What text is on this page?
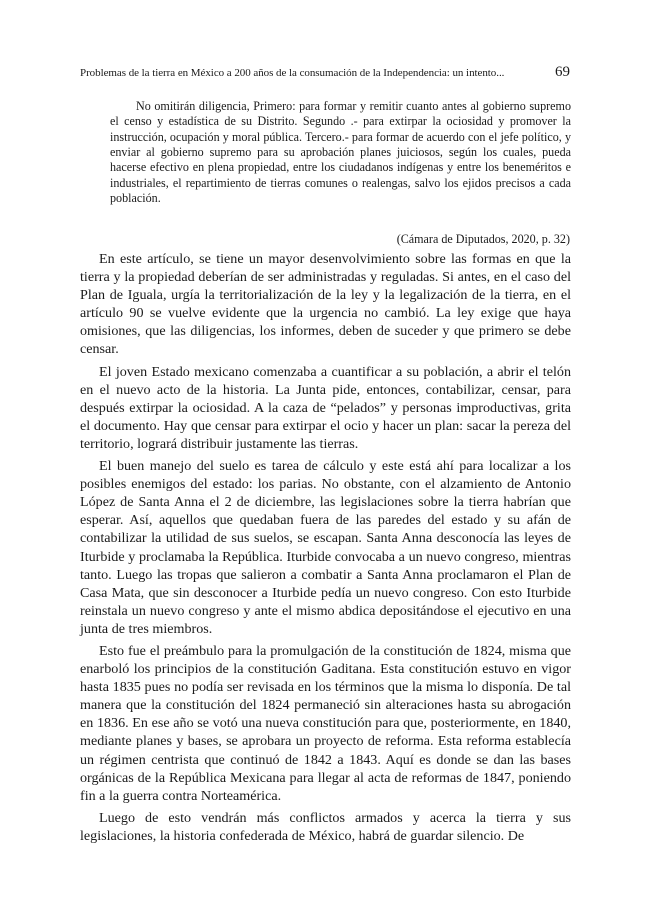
Problemas de la tierra en México a 200 años de la consumación de la Independencia: un intento...	69

No omitirán diligencia, Primero: para formar y remitir cuanto antes al gobierno supremo el censo y estadística de su Distrito. Segundo .- para extirpar la ociosidad y promover la instrucción, ocupación y moral pública. Tercero.- para formar de acuerdo con el jefe político, y enviar al gobierno supremo para su aprobación planes juiciosos, según los cuales, pueda hacerse efectivo en plena propiedad, entre los ciudadanos indígenas y entre los beneméritos e industriales, el repartimiento de tierras comunes o realengas, salvo los ejidos precisos a cada población.

(Cámara de Diputados, 2020, p. 32)

En este artículo, se tiene un mayor desenvolvimiento sobre las formas en que la tierra y la propiedad deberían de ser administradas y reguladas. Si antes, en el caso del Plan de Iguala, urgía la territorialización de la ley y la legalización de la tierra, en el artículo 90 se vuelve evidente que la urgencia no cambió. La ley exige que haya omisiones, que las diligencias, los informes, deben de suceder y que primero se debe censar.

El joven Estado mexicano comenzaba a cuantificar a su población, a abrir el telón en el nuevo acto de la historia. La Junta pide, entonces, contabilizar, censar, para después extirpar la ociosidad. A la caza de “pelados” y personas improductivas, grita el documento. Hay que censar para extirpar el ocio y hacer un plan: sacar la pereza del territorio, logrará distribuir justamente las tierras.

El buen manejo del suelo es tarea de cálculo y este está ahí para localizar a los posibles enemigos del estado: los parias. No obstante, con el alzamiento de Antonio López de Santa Anna el 2 de diciembre, las legislaciones sobre la tierra habrían que esperar. Así, aquellos que quedaban fuera de las paredes del estado y su afán de contabilizar la utilidad de sus suelos, se escapan. Santa Anna desconocía las leyes de Iturbide y proclamaba la República. Iturbide convocaba a un nuevo congreso, mientras tanto. Luego las tropas que salieron a combatir a Santa Anna proclamaron el Plan de Casa Mata, que sin desconocer a Iturbide pedía un nuevo congreso. Con esto Iturbide reinstala un nuevo congreso y ante el mismo abdica depositándose el ejecutivo en una junta de tres miembros.

Esto fue el preámbulo para la promulgación de la constitución de 1824, misma que enarboló los principios de la constitución Gaditana. Esta constitución estuvo en vigor hasta 1835 pues no podía ser revisada en los términos que la misma lo disponía. De tal manera que la constitución del 1824 permaneció sin alteraciones hasta su abrogación en 1836. En ese año se votó una nueva constitución para que, posteriormente, en 1840, mediante planes y bases, se aprobara un proyecto de reforma. Esta reforma establecía un régimen centrista que continuó de 1842 a 1843. Aquí es donde se dan las bases orgánicas de la República Mexicana para llegar al acta de reformas de 1847, poniendo fin a la guerra contra Norteamérica.

Luego de esto vendrán más conflictos armados y acerca la tierra y sus legislaciones, la historia confederada de México, habrá de guardar silencio. De
